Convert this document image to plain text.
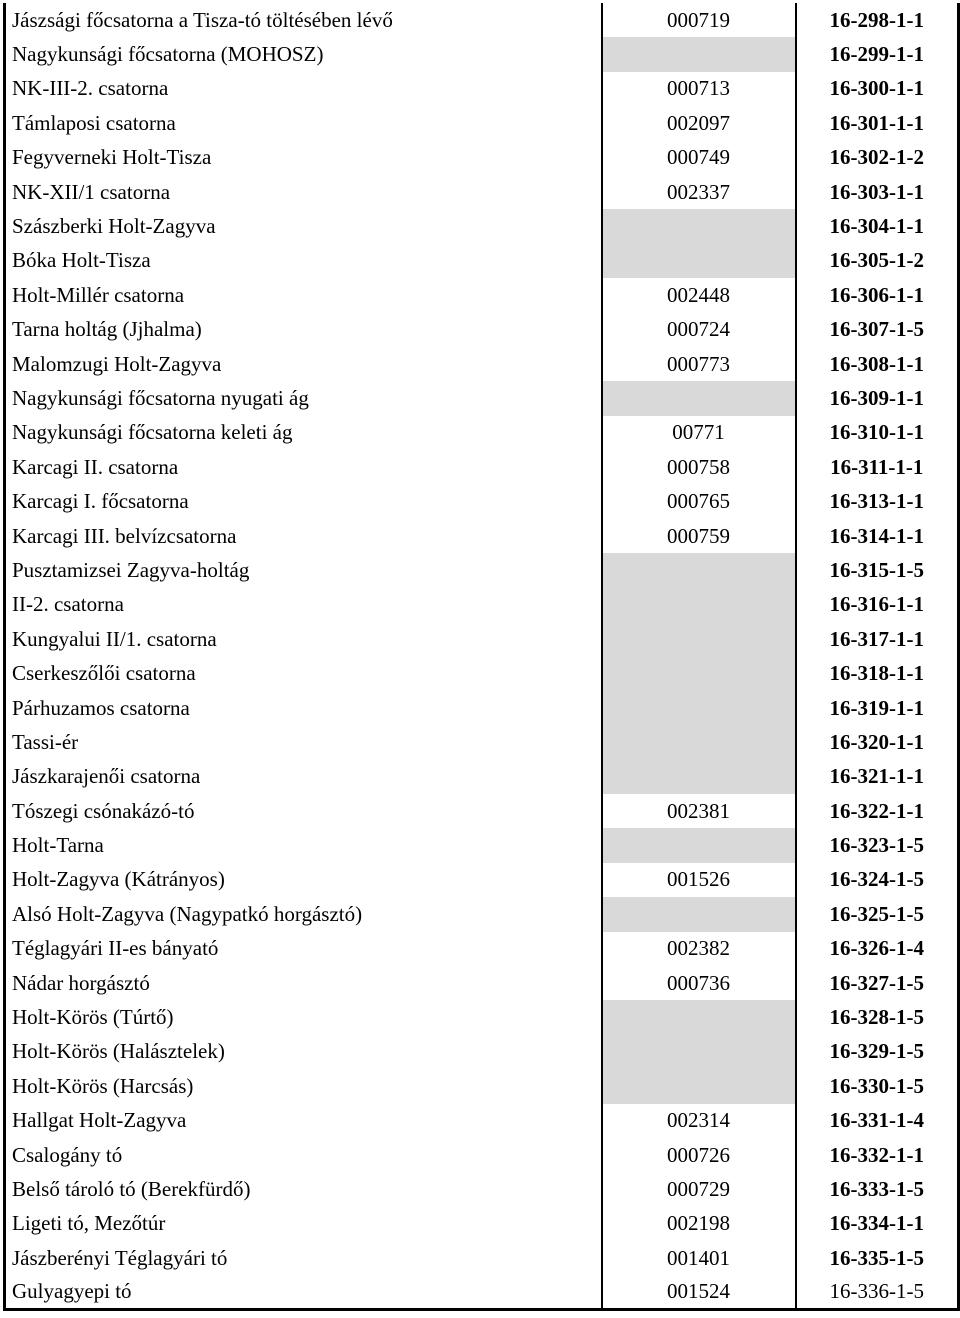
Jászsági főcsatorna a Tisza-tó töltésében lévő	000719	16-298-1-1
Nagykunsági főcsatorna (MOHOSZ)		16-299-1-1
NK-III-2. csatorna	000713	16-300-1-1
Támlaposi csatorna	002097	16-301-1-1
Fegyverneki Holt-Tisza	000749	16-302-1-2
NK-XII/1 csatorna	002337	16-303-1-1
Szászberki Holt-Zagyva		16-304-1-1
Bóka Holt-Tisza		16-305-1-2
Holt-Millér csatorna	002448	16-306-1-1
Tarna holtág (Jjhalma)	000724	16-307-1-5
Malomzugi Holt-Zagyva	000773	16-308-1-1
Nagykunsági főcsatorna nyugati ág		16-309-1-1
Nagykunsági főcsatorna keleti ág	00771	16-310-1-1
Karcagi II. csatorna	000758	16-311-1-1
Karcagi I. főcsatorna	000765	16-313-1-1
Karcagi III. belvízcsatorna	000759	16-314-1-1
Pusztamizsei Zagyva-holtág		16-315-1-5
II-2. csatorna		16-316-1-1
Kungyalui II/1. csatorna		16-317-1-1
Cserkeszőlői csatorna		16-318-1-1
Párhuzamos csatorna		16-319-1-1
Tassi-ér		16-320-1-1
Jászkarajenői csatorna		16-321-1-1
Tószegi csónakázó-tó	002381	16-322-1-1
Holt-Tarna		16-323-1-5
Holt-Zagyva (Kátrányos)	001526	16-324-1-5
Alsó Holt-Zagyva (Nagypatkó horgásztó)		16-325-1-5
Téglagyári II-es bányató	002382	16-326-1-4
Nádar horgásztó	000736	16-327-1-5
Holt-Körös (Túrtő)		16-328-1-5
Holt-Körös (Halásztelek)		16-329-1-5
Holt-Körös (Harcsás)		16-330-1-5
Hallgat Holt-Zagyva	002314	16-331-1-4
Csalogány tó	000726	16-332-1-1
Belső tároló tó (Berekfürdő)	000729	16-333-1-5
Ligeti tó, Mezőtúr	002198	16-334-1-1
Jászberényi Téglagyári tó	001401	16-335-1-5
Gulyagyepi tó	001524	16-336-1-5
